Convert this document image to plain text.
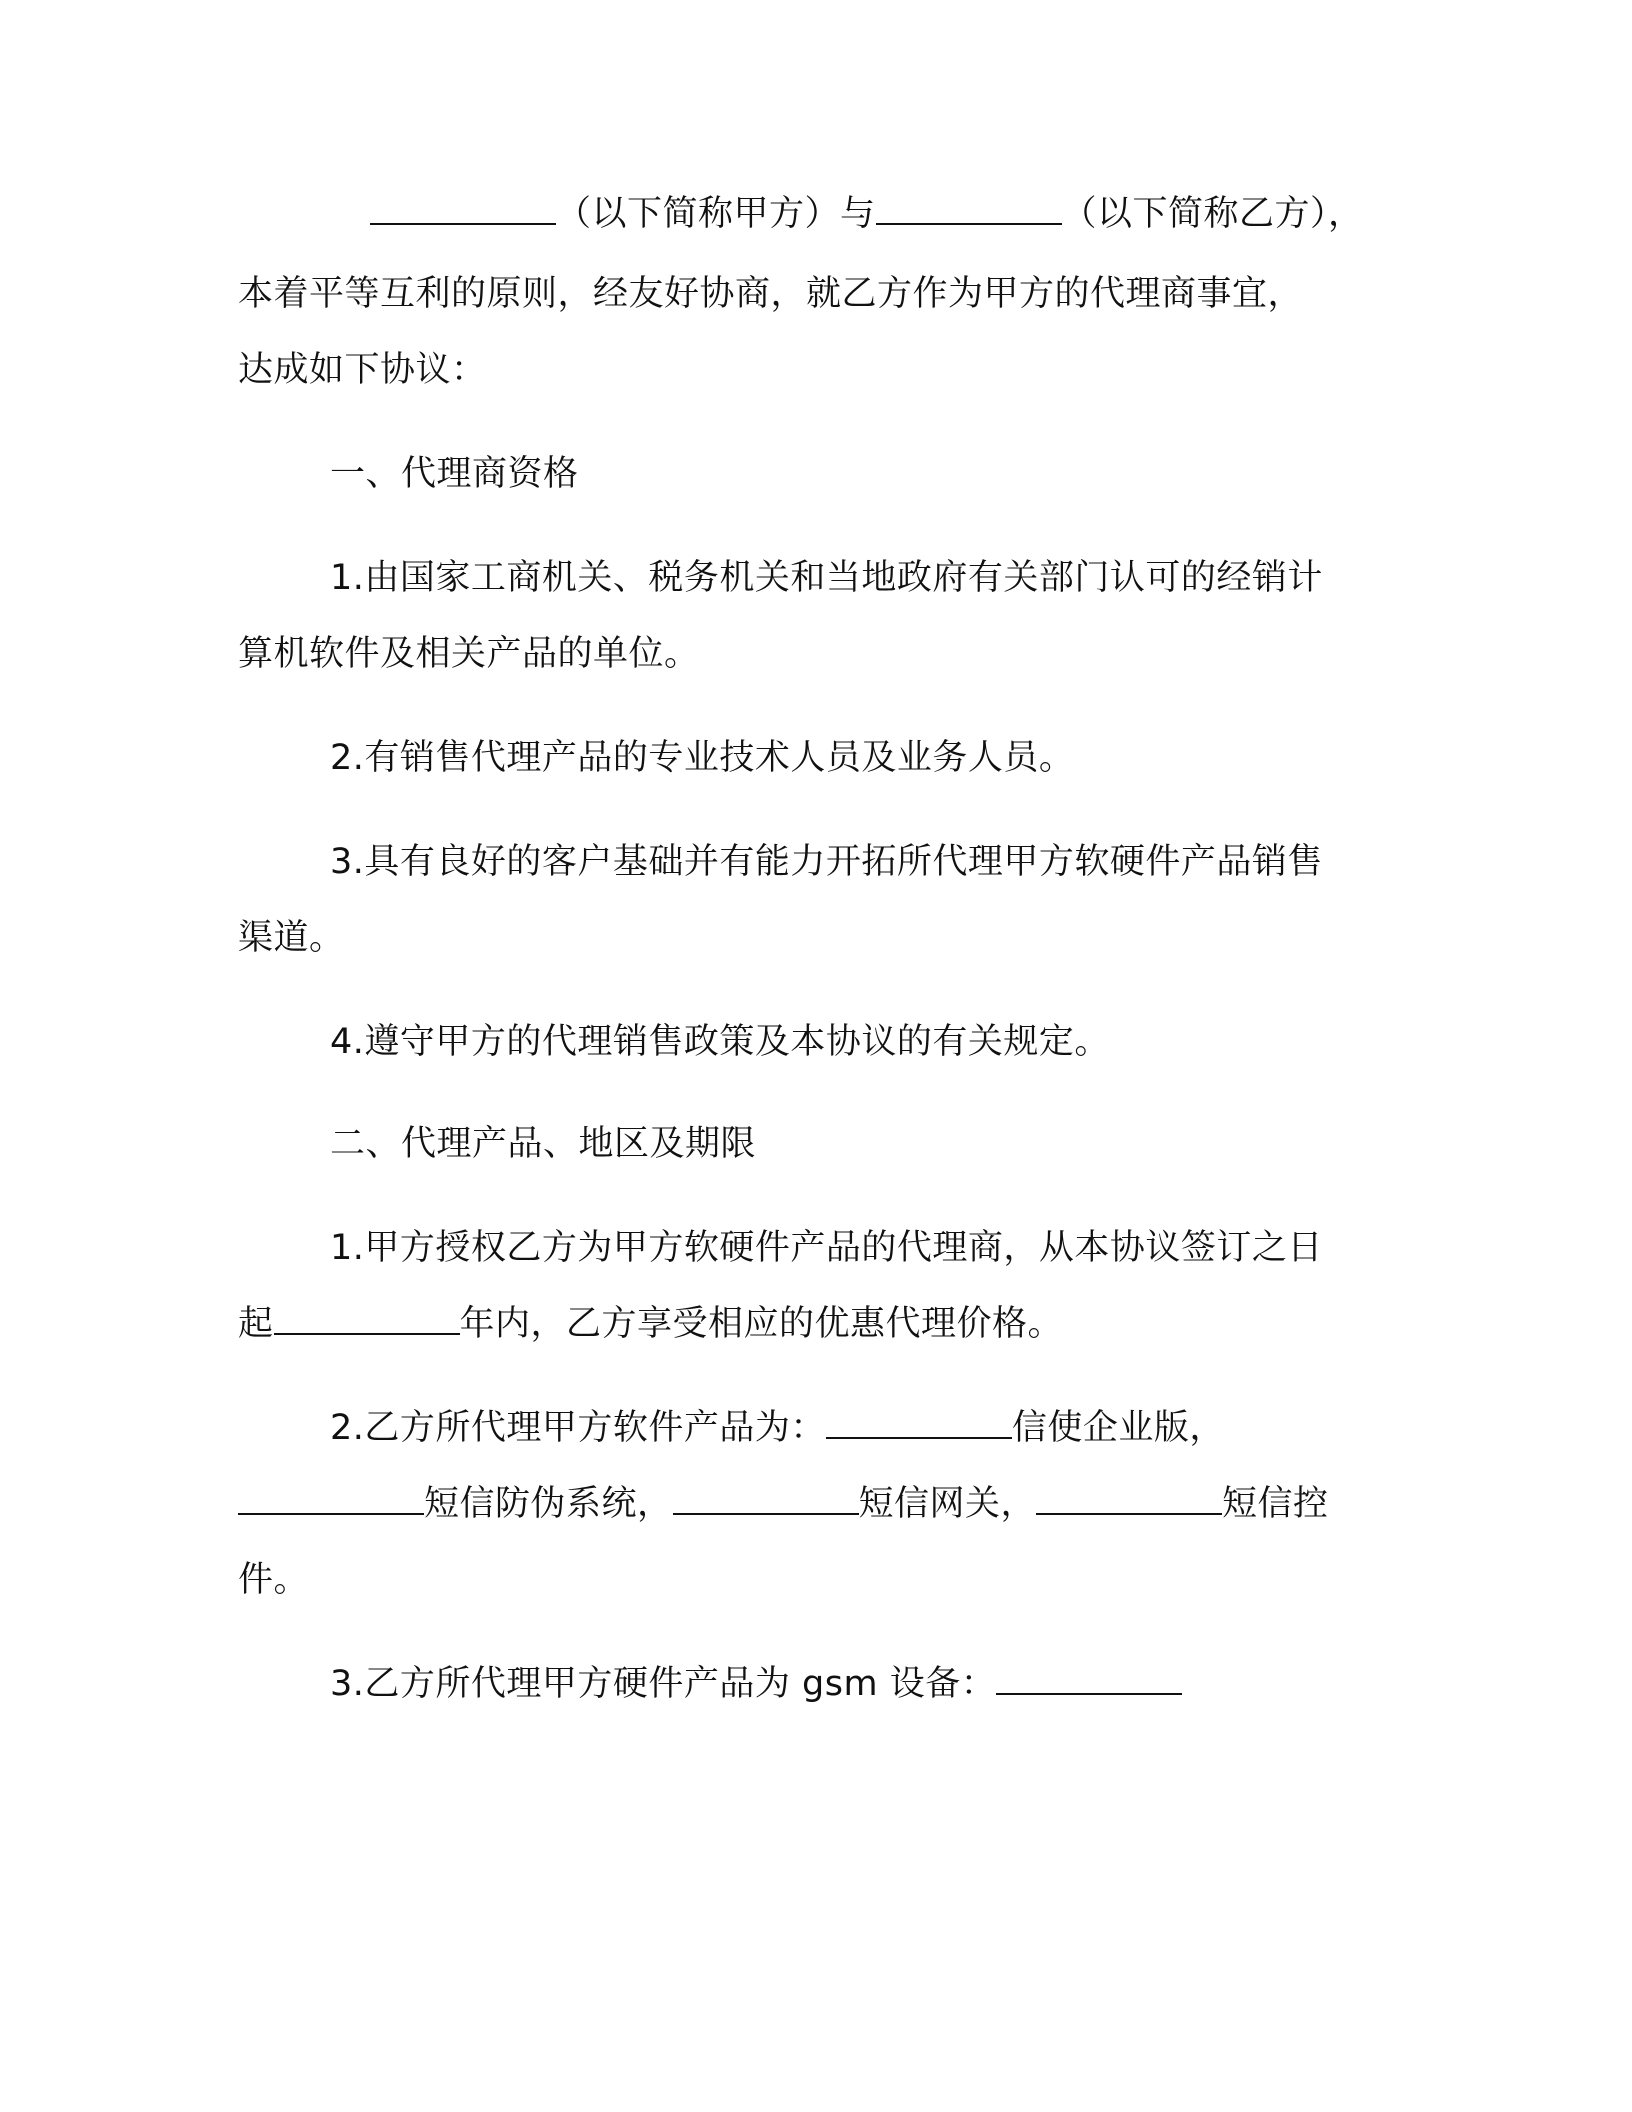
（以下简称甲方）与	（以下简称乙方），
本着平等互利的原则，经友好协商，就乙方作为甲方的代理商事宜，
达成如下协议：
一、代理商资格
1.由国家工商机关、税务机关和当地政府有关部门认可的经销计
算机软件及相关产品的单位。
2.有销售代理产品的专业技术人员及业务人员。
3.具有良好的客户基础并有能力开拓所代理甲方软硬件产品销售
渠道。
4.遵守甲方的代理销售政策及本协议的有关规定。
二、代理产品、地区及期限
1.甲方授权乙方为甲方软硬件产品的代理商，从本协议签订之日
起	年内，乙方享受相应的优惠代理价格。
2.乙方所代理甲方软件产品为：	信使企业版，
短信防伪系统，	短信网关，	短信控
件。
3.乙方所代理甲方硬件产品为 gsm 设备：
